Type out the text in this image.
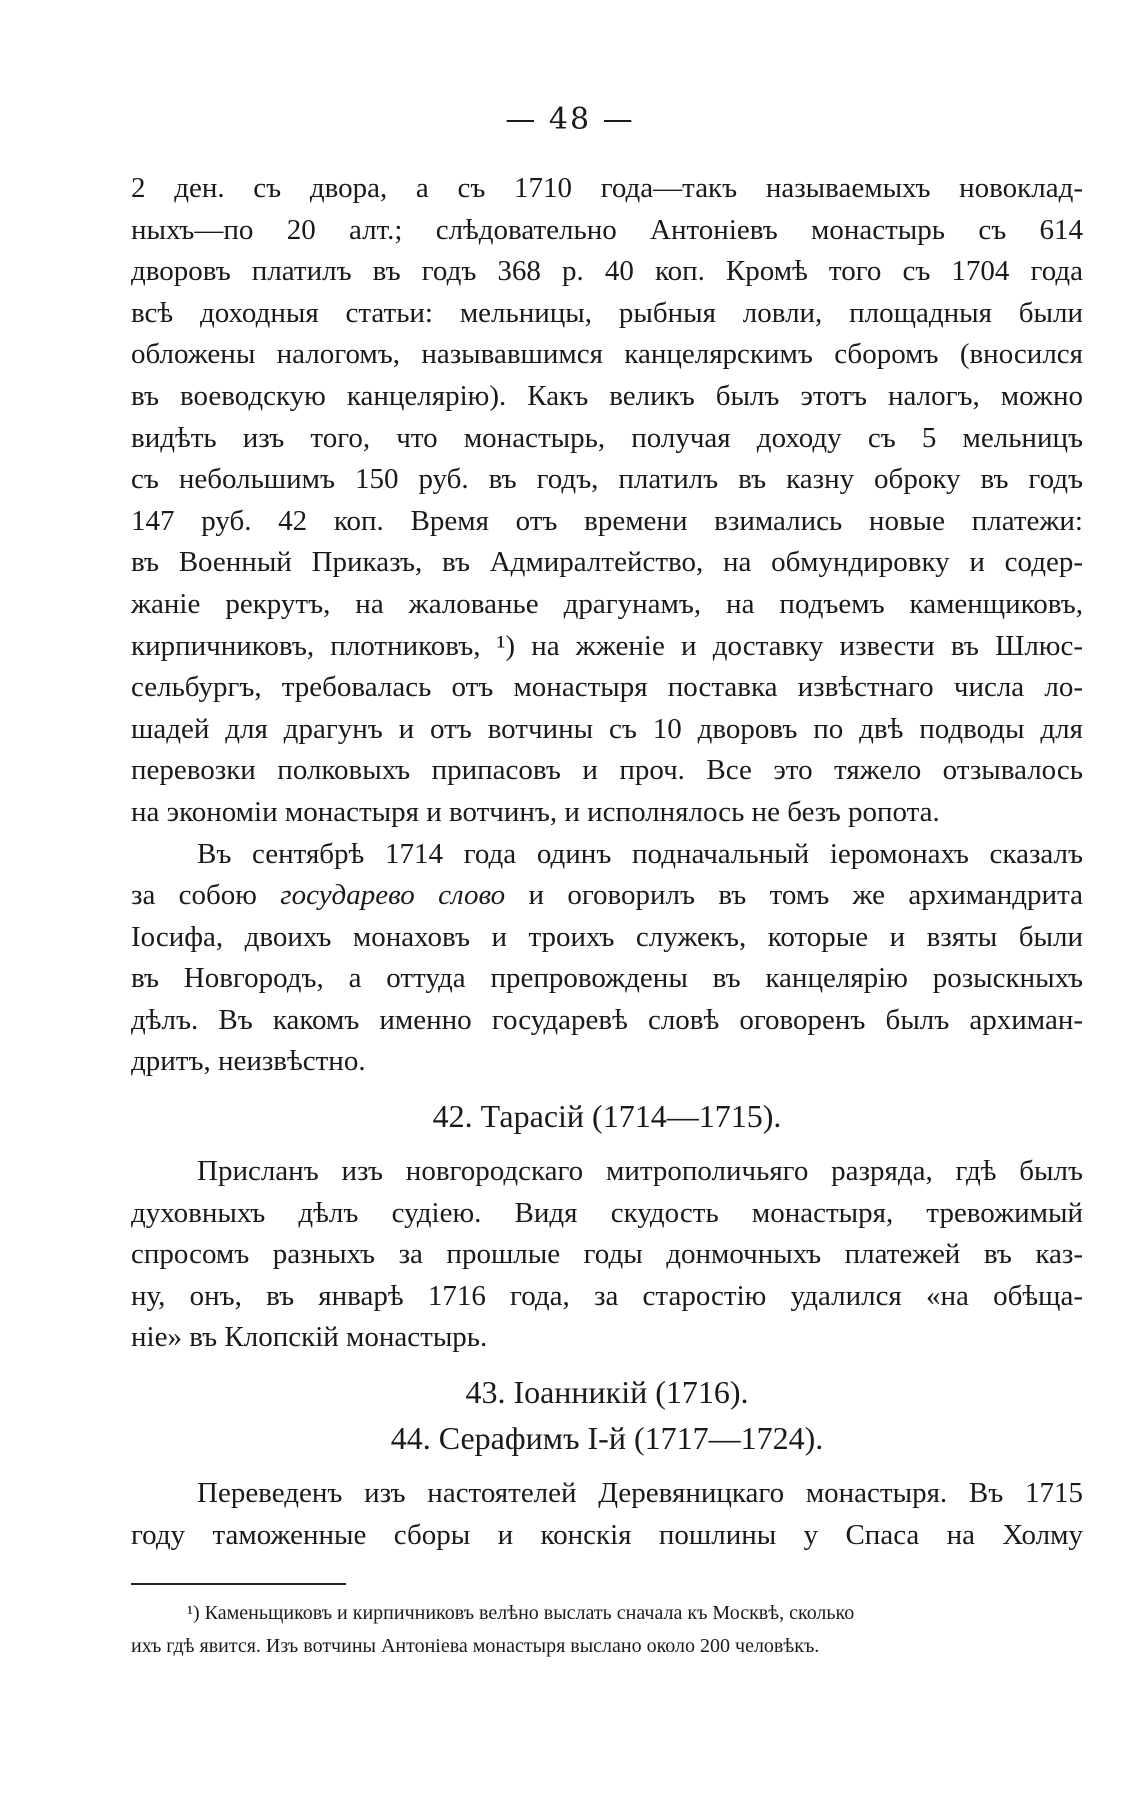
— 48 —
2 ден. съ двора, а съ 1710 года—такъ называемыхъ новоклад-
ныхъ—по 20 алт.; слѣдовательно Антоніевъ монастырь съ 614
дворовъ платилъ въ годъ 368 р. 40 коп. Кромѣ того съ 1704 года
всѣ доходныя статьи: мельницы, рыбныя ловли, площадныя были
обложены налогомъ, называвшимся канцелярскимъ сборомъ (вносился
въ воеводскую канцелярію). Какъ великъ былъ этотъ налогъ, можно
видѣть изъ того, что монастырь, получая доходу съ 5 мельницъ
съ небольшимъ 150 руб. въ годъ, платилъ въ казну оброку въ годъ
147 руб. 42 коп. Время отъ времени взимались новые платежи:
въ Военный Приказъ, въ Адмиралтейство, на обмундировку и содер-
жаніе рекрутъ, на жалованье драгунамъ, на подъемъ каменщиковъ,
кирпичниковъ, плотниковъ, ¹) на жженіе и доставку извести въ Шлюс-
сельбургъ, требовалась отъ монастыря поставка извѣстнаго числа ло-
шадей для драгунъ и отъ вотчины съ 10 дворовъ по двѣ подводы для
перевозки полковыхъ припасовъ и проч. Все это тяжело отзывалось
на экономіи монастыря и вотчинъ, и исполнялось не безъ ропота.
Въ сентябрѣ 1714 года одинъ подначальный іеромонахъ сказалъ
за собою государево слово и оговорилъ въ томъ же архимандрита
Іосифа, двоихъ монаховъ и троихъ служекъ, которые и взяты были
въ Новгородъ, а оттуда препровождены въ канцелярію розыскныхъ
дѣлъ. Въ какомъ именно государевѣ словѣ оговоренъ былъ архиман-
дритъ, неизвѣстно.
42. Тарасій (1714—1715).
Присланъ изъ новгородскаго митрополичьяго разряда, гдѣ былъ
духовныхъ дѣлъ судіею. Видя скудость монастыря, тревожимый
спросомъ разныхъ за прошлые годы донмочныхъ платежей въ каз-
ну, онъ, въ январѣ 1716 года, за старостію удалился «на обѣща-
ніе» въ Клопскій монастырь.
43. Іоанникій (1716).
44. Серафимъ І-й (1717—1724).
Переведенъ изъ настоятелей Деревяницкаго монастыря. Въ 1715
году таможенные сборы и конскія пошлины у Спаса на Холму
¹) Каменьщиковъ и кирпичниковъ велѣно выслать сначала къ Москвѣ, сколько
ихъ гдѣ явится. Изъ вотчины Антоніева монастыря выслано около 200 человѣкъ.
